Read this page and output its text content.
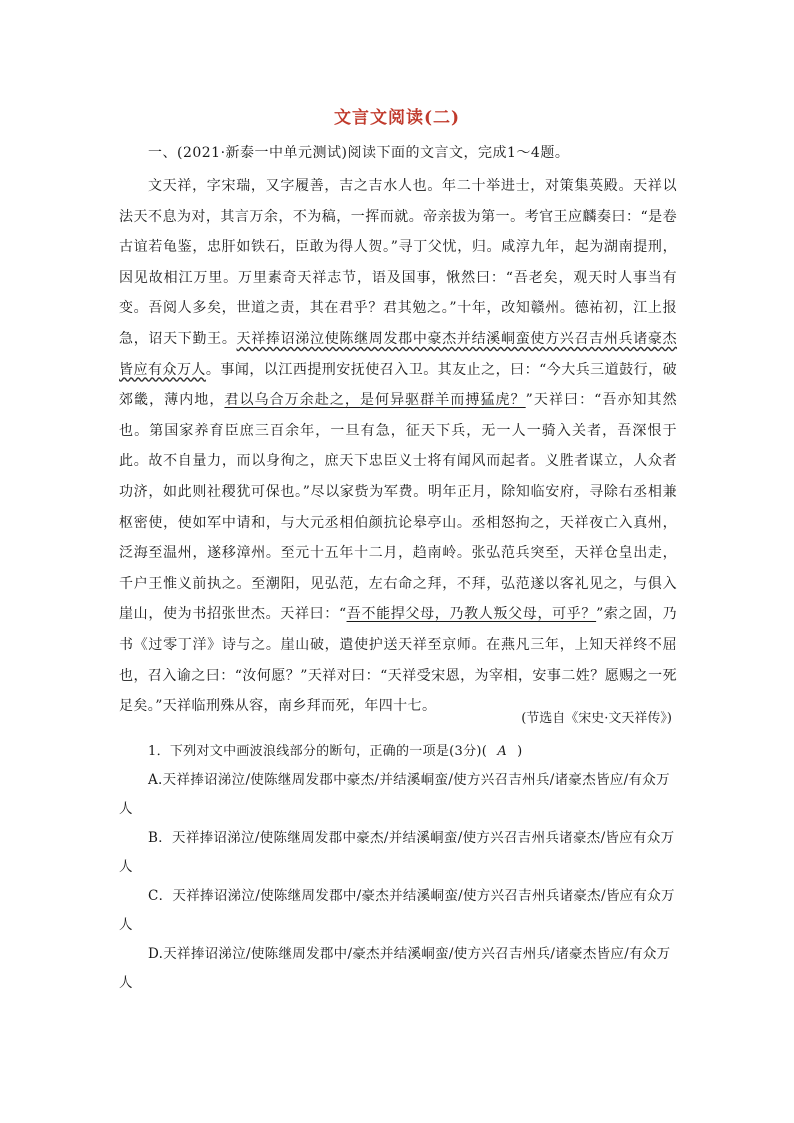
文言文阅读(二)
一、(2021·新泰一中单元测试)阅读下面的文言文，完成1～4题。

文天祥，字宋瑞，又字履善，吉之吉水人也。年二十举进士，对策集英殿。天祥以法天不息为对，其言万余，不为稿，一挥而就。帝亲拔为第一。考官王应麟奏曰：“是卷古谊若龟鉴，忠肝如铁石，臣敢为得人贺。”寻丁父忧，归。咸淳九年，起为湖南提刑，因见故相江万里。万里素奇天祥志节，语及国事，愀然曰：“吾老矣，观天时人事当有变。吾阅人多矣，世道之责，其在君乎？君其勉之。”十年，改知赣州。德祐初，江上报急，诏天下勤王。天祥捧诏涕泣使陈继周发郡中豪杰并结溪峒蛮使方兴召吉州兵诸豪杰皆应有众万人。事闻，以江西提刑安抚使召入卫。其友止之，曰：“今大兵三道鼓行，破郊畿，薄内地，君以乌合万余赴之，是何异驱群羊而搏猛虎？”天祥曰：“吾亦知其然也。第国家养育臣庶三百余年，一旦有急，征天下兵，无一人一骑入关者，吾深恨于此。故不自量力，而以身徇之，庶天下忠臣义士将有闻风而起者。义胜者谋立，人众者功济，如此则社稷犹可保也。”尽以家赀为军费。明年正月，除知临安府，寻除右丞相兼枢密使，使如军中请和，与大元丞相伯颜抗论皋亭山。丞相怒拘之，天祥夜亡入真州，泛海至温州，遂移漳州。至元十五年十二月，趋南岭。张弘范兵突至，天祥仓皇出走，千户王惟义前执之。至潮阳，见弘范，左右命之拜，不拜，弘范遂以客礼见之，与俱入崖山，使为书招张世杰。天祥曰：“吾不能捍父母，乃教人叛父母，可乎？”索之固，乃书《过零丁洋》诗与之。崖山破，遣使护送天祥至京师。在燕凡三年，上知天祥终不屈也，召入谕之曰：“汝何愿？”天祥对曰：“天祥受宋恩，为宰相，安事二姓？愿赐之一死足矣。”天祥临刑殊从容，南乡拜而死，年四十七。

(节选自《宋史·文天祥传》)
1．下列对文中画波浪线部分的断句，正确的一项是(3分)( A )

A.天祥捧诏涕泣/使陈继周发郡中豪杰/并结溪峒蛮/使方兴召吉州兵/诸豪杰皆应/有众万人

B．天祥捧诏涕泣/使陈继周发郡中豪杰/并结溪峒蛮/使方兴召吉州兵诸豪杰/皆应有众万人

C．天祥捧诏涕泣/使陈继周发郡中/豪杰并结溪峒蛮/使方兴召吉州兵诸豪杰/皆应有众万人

D.天祥捧诏涕泣/使陈继周发郡中/豪杰并结溪峒蛮/使方兴召吉州兵/诸豪杰皆应/有众万人
